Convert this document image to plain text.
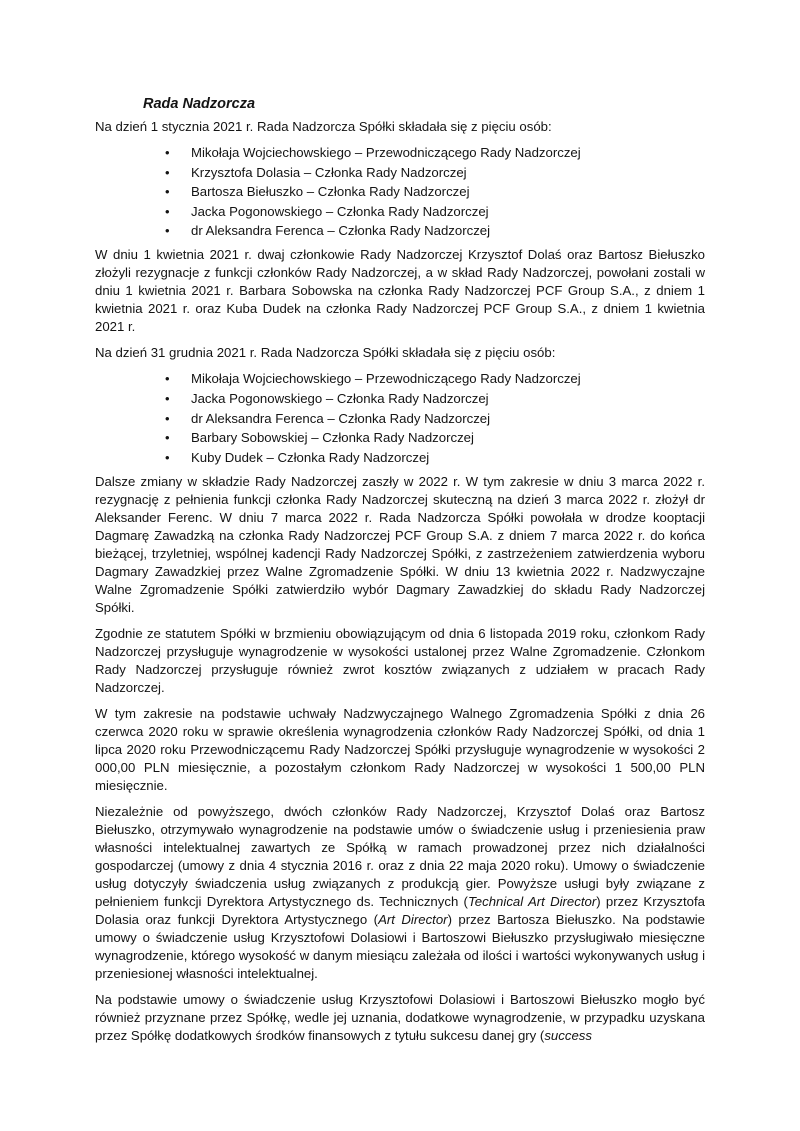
Rada Nadzorcza

Na dzień 1 stycznia 2021 r. Rada Nadzorcza Spółki składała się z pięciu osób:

• Mikołaja Wojciechowskiego – Przewodniczącego Rady Nadzorczej
• Krzysztofa Dolasia – Członka Rady Nadzorczej
• Bartosza Biełuszko – Członka Rady Nadzorczej
• Jacka Pogonowskiego – Członka Rady Nadzorczej
• dr Aleksandra Ferenca – Członka Rady Nadzorczej

W dniu 1 kwietnia 2021 r. dwaj członkowie Rady Nadzorczej Krzysztof Dolaś oraz Bartosz Biełuszko złożyli rezygnacje z funkcji członków Rady Nadzorczej, a w skład Rady Nadzorczej, powołani zostali w dniu 1 kwietnia 2021 r. Barbara Sobowska na członka Rady Nadzorczej PCF Group S.A., z dniem 1 kwietnia 2021 r. oraz Kuba Dudek na członka Rady Nadzorczej PCF Group S.A., z dniem 1 kwietnia 2021 r.

Na dzień 31 grudnia 2021 r. Rada Nadzorcza Spółki składała się z pięciu osób:

• Mikołaja Wojciechowskiego – Przewodniczącego Rady Nadzorczej
• Jacka Pogonowskiego – Członka Rady Nadzorczej
• dr Aleksandra Ferenca – Członka Rady Nadzorczej
• Barbary Sobowskiej – Członka Rady Nadzorczej
• Kuby Dudek – Członka Rady Nadzorczej

Dalsze zmiany w składzie Rady Nadzorczej zaszły w 2022 r. W tym zakresie w dniu 3 marca 2022 r. rezygnację z pełnienia funkcji członka Rady Nadzorczej skuteczną na dzień 3 marca 2022 r. złożył dr Aleksander Ferenc. W dniu 7 marca 2022 r. Rada Nadzorcza Spółki powołała w drodze kooptacji Dagmarę Zawadzką na członka Rady Nadzorczej PCF Group S.A. z dniem 7 marca 2022 r. do końca bieżącej, trzyletniej, wspólnej kadencji Rady Nadzorczej Spółki, z zastrzeżeniem zatwierdzenia wyboru Dagmary Zawadzkiej przez Walne Zgromadzenie Spółki. W dniu 13 kwietnia 2022 r. Nadzwyczajne Walne Zgromadzenie Spółki zatwierdziło wybór Dagmary Zawadzkiej do składu Rady Nadzorczej Spółki.

Zgodnie ze statutem Spółki w brzmieniu obowiązującym od dnia 6 listopada 2019 roku, członkom Rady Nadzorczej przysługuje wynagrodzenie w wysokości ustalonej przez Walne Zgromadzenie. Członkom Rady Nadzorczej przysługuje również zwrot kosztów związanych z udziałem w pracach Rady Nadzorczej.

W tym zakresie na podstawie uchwały Nadzwyczajnego Walnego Zgromadzenia Spółki z dnia 26 czerwca 2020 roku w sprawie określenia wynagrodzenia członków Rady Nadzorczej Spółki, od dnia 1 lipca 2020 roku Przewodniczącemu Rady Nadzorczej Spółki przysługuje wynagrodzenie w wysokości 2 000,00 PLN miesięcznie, a pozostałym członkom Rady Nadzorczej w wysokości 1 500,00 PLN miesięcznie.

Niezależnie od powyższego, dwóch członków Rady Nadzorczej, Krzysztof Dolaś oraz Bartosz Biełuszko, otrzymywało wynagrodzenie na podstawie umów o świadczenie usług i przeniesienia praw własności intelektualnej zawartych ze Spółką w ramach prowadzonej przez nich działalności gospodarczej (umowy z dnia 4 stycznia 2016 r. oraz z dnia 22 maja 2020 roku). Umowy o świadczenie usług dotyczyły świadczenia usług związanych z produkcją gier. Powyższe usługi były związane z pełnieniem funkcji Dyrektora Artystycznego ds. Technicznych (Technical Art Director) przez Krzysztofa Dolasia oraz funkcji Dyrektora Artystycznego (Art Director) przez Bartosza Biełuszko. Na podstawie umowy o świadczenie usług Krzysztofowi Dolasiowi i Bartoszowi Biełuszko przysługiwało miesięczne wynagrodzenie, którego wysokość w danym miesiącu zależała od ilości i wartości wykonywanych usług i przeniesionej własności intelektualnej.

Na podstawie umowy o świadczenie usług Krzysztofowi Dolasiowi i Bartoszowi Biełuszko mogło być również przyznane przez Spółkę, wedle jej uznania, dodatkowe wynagrodzenie, w przypadku uzyskana przez Spółkę dodatkowych środków finansowych z tytułu sukcesu danej gry (success
